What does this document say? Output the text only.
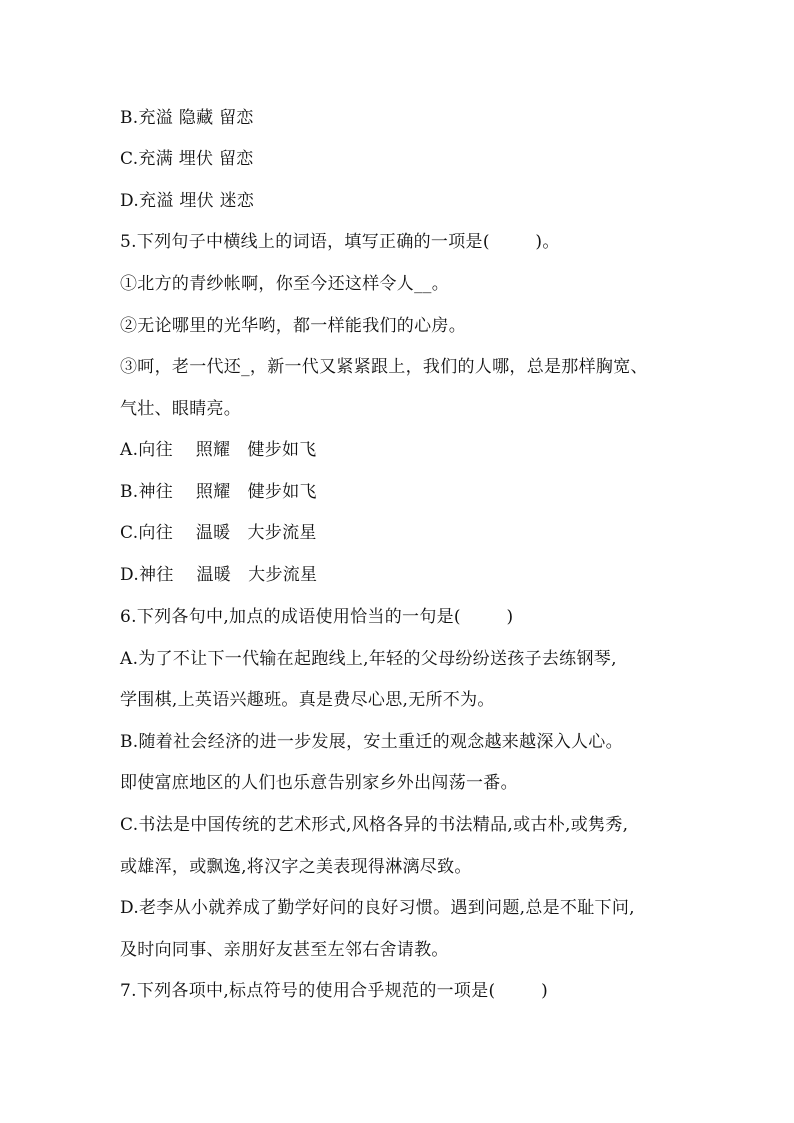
B.充溢 隐藏 留恋
C.充满 埋伏 留恋
D.充溢 埋伏 迷恋
5.下列句子中横线上的词语，填写正确的一项是(        )。
①北方的青纱帐啊，你至今还这样令人__。
②无论哪里的光华哟，都一样能我们的心房。
③呵，老一代还_，新一代又紧紧跟上，我们的人哪，总是那样胸宽、
气壮、眼睛亮。
A.向往    照耀   健步如飞
B.神往    照耀   健步如飞
C.向往    温暖   大步流星
D.神往    温暖   大步流星
6.下列各句中,加点的成语使用恰当的一句是(        )
A.为了不让下一代输在起跑线上,年轻的父母纷纷送孩子去练钢琴,
学围棋,上英语兴趣班。真是费尽心思,无所不为。
B.随着社会经济的进一步发展，安土重迁的观念越来越深入人心。
即使富庶地区的人们也乐意告别家乡外出闯荡一番。
C.书法是中国传统的艺术形式,风格各异的书法精品,或古朴,或隽秀,
或雄浑，或飘逸,将汉字之美表现得淋漓尽致。
D.老李从小就养成了勤学好问的良好习惯。遇到问题,总是不耻下问,
及时向同事、亲朋好友甚至左邻右舍请教。
7.下列各项中,标点符号的使用合乎规范的一项是(        )
